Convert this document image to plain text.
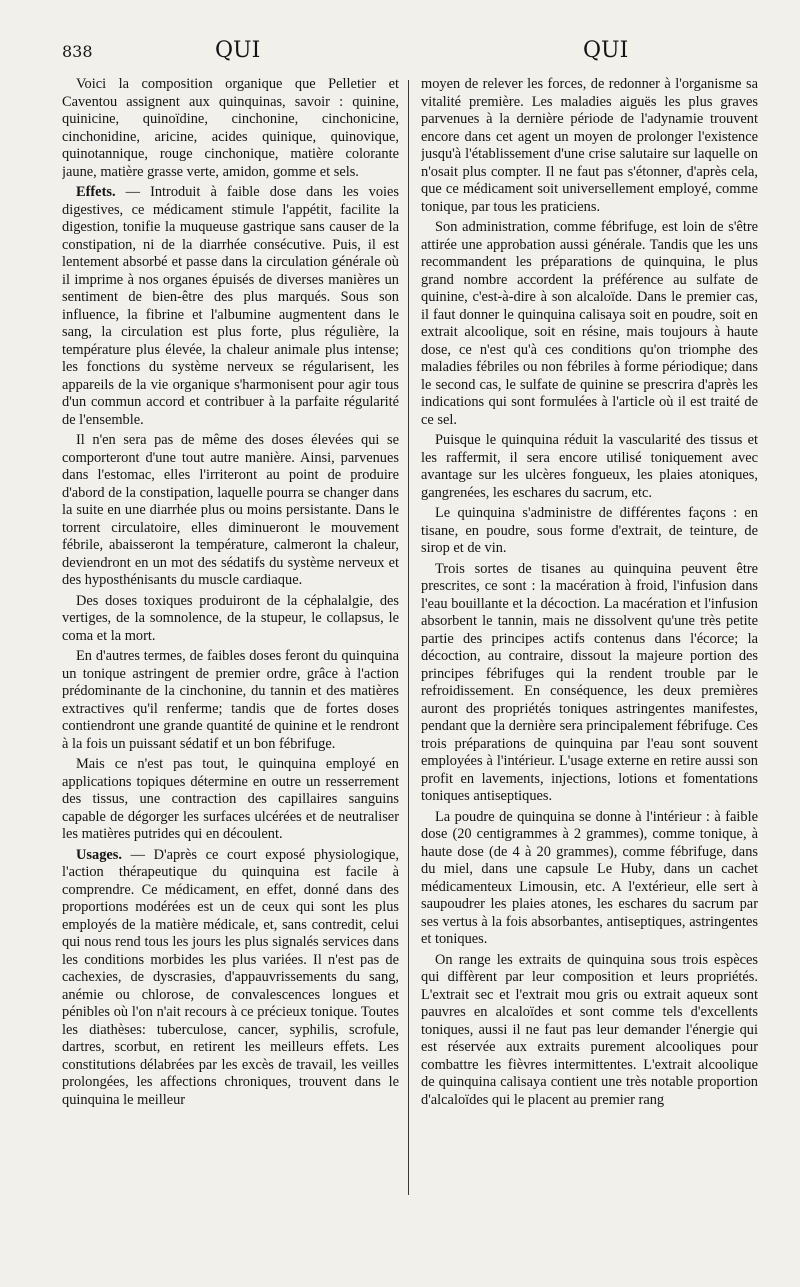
838	QUI	QUI

Voici la composition organique que Pelletier et Caventou assignent aux quinquinas, savoir : quinine, quinicine, quinoïdine, cinchonine, cinchonicine, cinchonidine, aricine, acides quinique, quinovique, quinotannique, rouge cinchonique, matière colorante jaune, matière grasse verte, amidon, gomme et sels.

Effets. — Introduit à faible dose dans les voies digestives, ce médicament stimule l'appétit, facilite la digestion, tonifie la muqueuse gastrique sans causer de la constipation, ni de la diarrhée consécutive. Puis, il est lentement absorbé et passe dans la circulation générale où il imprime à nos organes épuisés de diverses manières un sentiment de bien-être des plus marqués. Sous son influence, la fibrine et l'albumine augmentent dans le sang, la circulation est plus forte, plus régulière, la température plus élevée, la chaleur animale plus intense; les fonctions du système nerveux se régularisent, les appareils de la vie organique s'harmonisent pour agir tous d'un commun accord et contribuer à la parfaite régularité de l'ensemble.

Il n'en sera pas de même des doses élevées qui se comporteront d'une tout autre manière. Ainsi, parvenues dans l'estomac, elles l'irriteront au point de produire d'abord de la constipation, laquelle pourra se changer dans la suite en une diarrhée plus ou moins persistante. Dans le torrent circulatoire, elles diminueront le mouvement fébrile, abaisseront la température, calmeront la chaleur, deviendront en un mot des sédatifs du système nerveux et des hyposthénisants du muscle cardiaque.

Des doses toxiques produiront de la céphalalgie, des vertiges, de la somnolence, de la stupeur, le collapsus, le coma et la mort.

En d'autres termes, de faibles doses feront du quinquina un tonique astringent de premier ordre, grâce à l'action prédominante de la cinchonine, du tannin et des matières extractives qu'il renferme; tandis que de fortes doses contiendront une grande quantité de quinine et le rendront à la fois un puissant sédatif et un bon fébrifuge.

Mais ce n'est pas tout, le quinquina employé en applications topiques détermine en outre un resserrement des tissus, une contraction des capillaires sanguins capable de dégorger les surfaces ulcérées et de neutraliser les matières putrides qui en découlent.

Usages. — D'après ce court exposé physiologique, l'action thérapeutique du quinquina est facile à comprendre. Ce médicament, en effet, donné dans des proportions modérées est un de ceux qui sont les plus employés de la matière médicale, et, sans contredit, celui qui nous rend tous les jours les plus signalés services dans les conditions morbides les plus variées. Il n'est pas de cachexies, de dyscrasies, d'appauvrissements du sang, anémie ou chlorose, de convalescences longues et pénibles où l'on n'ait recours à ce précieux tonique. Toutes les diathèses: tuberculose, cancer, syphilis, scrofule, dartres, scorbut, en retirent les meilleurs effets. Les constitutions délabrées par les excès de travail, les veilles prolongées, les affections chroniques, trouvent dans le quinquina le meilleur

moyen de relever les forces, de redonner à l'organisme sa vitalité première. Les maladies aiguës les plus graves parvenues à la dernière période de l'adynamie trouvent encore dans cet agent un moyen de prolonger l'existence jusqu'à l'établissement d'une crise salutaire sur laquelle on n'osait plus compter. Il ne faut pas s'étonner, d'après cela, que ce médicament soit universellement employé, comme tonique, par tous les praticiens.

Son administration, comme fébrifuge, est loin de s'être attirée une approbation aussi générale. Tandis que les uns recommandent les préparations de quinquina, le plus grand nombre accordent la préférence au sulfate de quinine, c'est-à-dire à son alcaloïde. Dans le premier cas, il faut donner le quinquina calisaya soit en poudre, soit en extrait alcoolique, soit en résine, mais toujours à haute dose, ce n'est qu'à ces conditions qu'on triomphe des maladies fébriles ou non fébriles à forme périodique; dans le second cas, le sulfate de quinine se prescrira d'après les indications qui sont formulées à l'article où il est traité de ce sel.

Puisque le quinquina réduit la vascularité des tissus et les raffermit, il sera encore utilisé toniquement avec avantage sur les ulcères fongueux, les plaies atoniques, gangrenées, les eschares du sacrum, etc.

Le quinquina s'administre de différentes façons : en tisane, en poudre, sous forme d'extrait, de teinture, de sirop et de vin.

Trois sortes de tisanes au quinquina peuvent être prescrites, ce sont : la macération à froid, l'infusion dans l'eau bouillante et la décoction. La macération et l'infusion absorbent le tannin, mais ne dissolvent qu'une très petite partie des principes actifs contenus dans l'écorce; la décoction, au contraire, dissout la majeure portion des principes fébrifuges qui la rendent trouble par le refroidissement. En conséquence, les deux premières auront des propriétés toniques astringentes manifestes, pendant que la dernière sera principalement fébrifuge. Ces trois préparations de quinquina par l'eau sont souvent employées à l'intérieur. L'usage externe en retire aussi son profit en lavements, injections, lotions et fomentations toniques antiseptiques.

La poudre de quinquina se donne à l'intérieur : à faible dose (20 centigrammes à 2 grammes), comme tonique, à haute dose (de 4 à 20 grammes), comme fébrifuge, dans du miel, dans une capsule Le Huby, dans un cachet médicamenteux Limousin, etc. A l'extérieur, elle sert à saupoudrer les plaies atones, les eschares du sacrum par ses vertus à la fois absorbantes, antiseptiques, astringentes et toniques.

On range les extraits de quinquina sous trois espèces qui diffèrent par leur composition et leurs propriétés. L'extrait sec et l'extrait mou gris ou extrait aqueux sont pauvres en alcaloïdes et sont comme tels d'excellents toniques, aussi il ne faut pas leur demander l'énergie qui est réservée aux extraits purement alcooliques pour combattre les fièvres intermittentes. L'extrait alcoolique de quinquina calisaya contient une très notable proportion d'alcaloïdes qui le placent au premier rang
